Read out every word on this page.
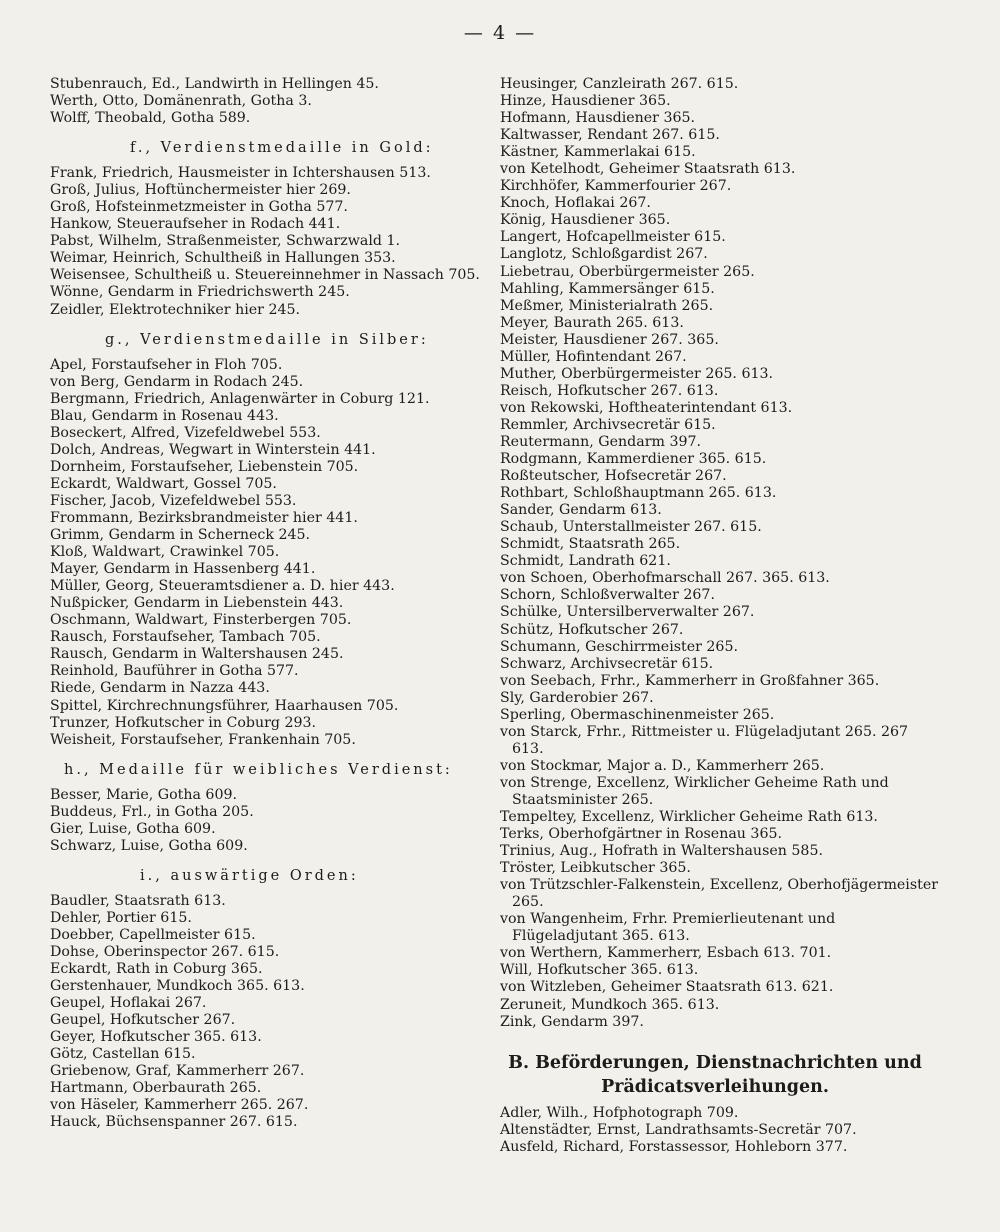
— 4 —
Stubenrauch, Ed., Landwirth in Hellingen 45.
Werth, Otto, Domänenrath, Gotha 3.
Wolff, Theobald, Gotha 589.
f., Verdienstmedaille in Gold:
Frank, Friedrich, Hausmeister in Ichtershausen 513.
Groß, Julius, Hoftünchermeister hier 269.
Groß, Hofsteinmetzmeister in Gotha 577.
Hankow, Steueraufseher in Rodach 441.
Pabst, Wilhelm, Straßenmeister, Schwarzwald 1.
Weimar, Heinrich, Schultheiß in Hallungen 353.
Weisensee, Schultheiß u. Steuereinnehmer in Nassach 705.
Wönne, Gendarm in Friedrichswerth 245.
Zeidler, Elektrotechniker hier 245.
g., Verdienstmedaille in Silber:
Apel, Forstaufseher in Floh 705.
von Berg, Gendarm in Rodach 245.
Bergmann, Friedrich, Anlagenwärter in Coburg 121.
Blau, Gendarm in Rosenau 443.
Boseckert, Alfred, Vizefeldwebel 553.
Dolch, Andreas, Wegwart in Winterstein 441.
Dornheim, Forstaufseher, Liebenstein 705.
Eckardt, Waldwart, Gossel 705.
Fischer, Jacob, Vizefeldwebel 553.
Frommann, Bezirksbrandmeister hier 441.
Grimm, Gendarm in Scherneck 245.
Kloß, Waldwart, Crawinkel 705.
Mayer, Gendarm in Hassenberg 441.
Müller, Georg, Steueramtsdiener a. D. hier 443.
Nußpicker, Gendarm in Liebenstein 443.
Oschmann, Waldwart, Finsterbergen 705.
Rausch, Forstaufseher, Tambach 705.
Rausch, Gendarm in Waltershausen 245.
Reinhold, Bauführer in Gotha 577.
Riede, Gendarm in Nazza 443.
Spittel, Kirchrechnungsführer, Haarhausen 705.
Trunzer, Hofkutscher in Coburg 293.
Weisheit, Forstaufseher, Frankenhain 705.
h., Medaille für weibliches Verdienst:
Besser, Marie, Gotha 609.
Buddeus, Frl., in Gotha 205.
Gier, Luise, Gotha 609.
Schwarz, Luise, Gotha 609.
i., auswärtige Orden:
Baudler, Staatsrath 613.
Dehler, Portier 615.
Doebber, Capellmeister 615.
Dohse, Oberinspector 267. 615.
Eckardt, Rath in Coburg 365.
Gerstenhauer, Mundkoch 365. 613.
Geupel, Hoflakai 267.
Geupel, Hofkutscher 267.
Geyer, Hofkutscher 365. 613.
Götz, Castellan 615.
Griebenow, Graf, Kammerherr 267.
Hartmann, Oberbaurath 265.
von Häseler, Kammerherr 265. 267.
Hauck, Büchsenspanner 267. 615.
Heusinger, Canzleirath 267. 615.
Hinze, Hausdiener 365.
Hofmann, Hausdiener 365.
Kaltwasser, Rendant 267. 615.
Kästner, Kammerlakai 615.
von Ketelhodt, Geheimer Staatsrath 613.
Kirchhöfer, Kammerfourier 267.
Knoch, Hoflakai 267.
König, Hausdiener 365.
Langert, Hofcapellmeister 615.
Langlotz, Schloßgardist 267.
Liebetrau, Oberbürgermeister 265.
Mahling, Kammersänger 615.
Meßmer, Ministerialrath 265.
Meyer, Baurath 265. 613.
Meister, Hausdiener 267. 365.
Müller, Hofintendant 267.
Muther, Oberbürgermeister 265. 613.
Reisch, Hofkutscher 267. 613.
von Rekowski, Hoftheaterintendant 613.
Remmler, Archivsecretär 615.
Reutermann, Gendarm 397.
Rodgmann, Kammerdiener 365. 615.
Roßteutscher, Hofsecretär 267.
Rothbart, Schloßhauptmann 265. 613.
Sander, Gendarm 613.
Schaub, Unterstallmeister 267. 615.
Schmidt, Staatsrath 265.
Schmidt, Landrath 621.
von Schoen, Oberhofmarschall 267. 365. 613.
Schorn, Schloßverwalter 267.
Schülke, Untersilberverwalter 267.
Schütz, Hofkutscher 267.
Schumann, Geschirrmeister 265.
Schwarz, Archivsecretär 615.
von Seebach, Frhr., Kammerherr in Großfahner 365.
Sly, Garderobier 267.
Sperling, Obermaschinenmeister 265.
von Starck, Frhr., Rittmeister u. Flügeladjutant 265. 267 613.
von Stockmar, Major a. D., Kammerherr 265.
von Strenge, Excellenz, Wirklicher Geheime Rath und Staatsminister 265.
Tempeltey, Excellenz, Wirklicher Geheime Rath 613.
Terks, Oberhofgärtner in Rosenau 365.
Trinius, Aug., Hofrath in Waltershausen 585.
Tröster, Leibkutscher 365.
von Trützschler-Falkenstein, Excellenz, Oberhofjägermeister 265.
von Wangenheim, Frhr. Premierlieutenant und Flügeladjutant 365. 613.
von Werthern, Kammerherr, Esbach 613. 701.
Will, Hofkutscher 365. 613.
von Witzleben, Geheimer Staatsrath 613. 621.
Zeruneit, Mundkoch 365. 613.
Zink, Gendarm 397.
B. Beförderungen, Dienstnachrichten und
Prädicatsverleihungen.
Adler, Wilh., Hofphotograph 709.
Altenstädter, Ernst, Landrathsamts-Secretär 707.
Ausfeld, Richard, Forstassessor, Hohleborn 377.
